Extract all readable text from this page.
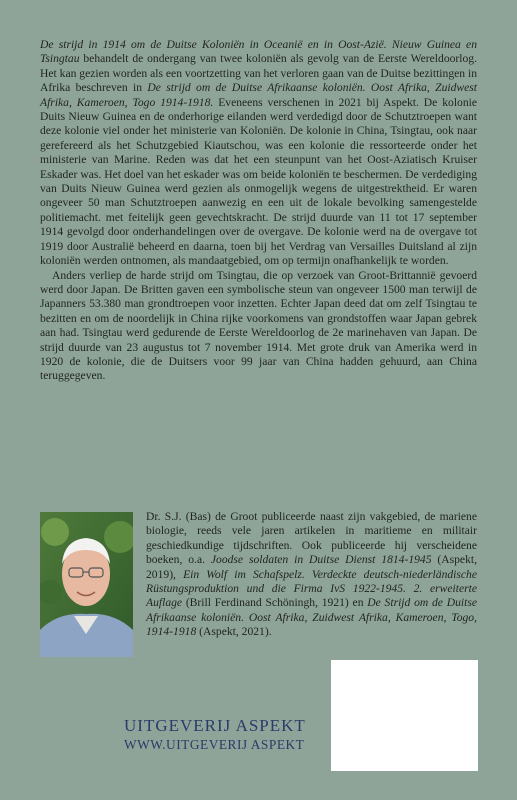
De strijd in 1914 om de Duitse Koloniën in Oceanië en in Oost-Azië. Nieuw Guinea en Tsingtau behandelt de ondergang van twee koloniën als gevolg van de Eerste Wereldoorlog. Het kan gezien worden als een voortzetting van het verloren gaan van de Duitse bezittingen in Afrika beschreven in De strijd om de Duitse Afrikaanse koloniën. Oost Afrika, Zuidwest Afrika, Kameroen, Togo 1914-1918. Eveneens verschenen in 2021 bij Aspekt. De kolonie Duits Nieuw Guinea en de onderhorige eilanden werd verdedigd door de Schutztroepen want deze kolonie viel onder het ministerie van Koloniën. De kolonie in China, Tsingtau, ook naar gerefereerd als het Schutzgebied Kiautschou, was een kolonie die ressorteerde onder het ministerie van Marine. Reden was dat het een steunpunt van het Oost-Aziatisch Kruiser Eskader was. Het doel van het eskader was om beide koloniën te beschermen. De verdediging van Duits Nieuw Guinea werd gezien als onmogelijk wegens de uitgestrektheid. Er waren ongeveer 50 man Schutztroepen aanwezig en een uit de lokale bevolking samengestelde politiemacht. met feitelijk geen gevechtskracht. De strijd duurde van 11 tot 17 september 1914 gevolgd door onderhandelingen over de overgave. De kolonie werd na de overgave tot 1919 door Australië beheerd en daarna, toen bij het Verdrag van Versailles Duitsland al zijn koloniën werden ontnomen, als mandaatgebied, om op termijn onafhankelijk te worden.

Anders verliep de harde strijd om Tsingtau, die op verzoek van Groot-Brittannië gevoerd werd door Japan. De Britten gaven een symbolische steun van ongeveer 1500 man terwijl de Japanners 53.380 man grondtroepen voor inzetten. Echter Japan deed dat om zelf Tsingtau te bezitten en om de noordelijk in China rijke voorkomens van grondstoffen waar Japan gebrek aan had. Tsingtau werd gedurende de Eerste Wereldoorlog de 2e marinehaven van Japan. De strijd duurde van 23 augustus tot 7 november 1914. Met grote druk van Amerika werd in 1920 de kolonie, die de Duitsers voor 99 jaar van China hadden gehuurd, aan China teruggegeven.

Dr. S.J. (Bas) de Groot publiceerde naast zijn vakgebied, de mariene biologie, reeds vele jaren artikelen in maritieme en militair geschiedkundige tijdschriften. Ook publiceerde hij verscheidene boeken, o.a. Joodse soldaten in Duitse Dienst 1814-1945 (Aspekt, 2019), Ein Wolf im Schafspelz. Verdeckte deutsch-niederländische Rüstungsproduktion und die Firma IvS 1922-1945. 2. erweiterte Auflage (Brill Ferdinand Schöningh, 1921) en De Strijd om de Duitse Afrikaanse koloniën. Oost Afrika, Zuidwest Afrika, Kameroen, Togo, 1914-1918 (Aspekt, 2021).

UITGEVERIJ ASPEKT
WWW.UITGEVERIJ ASPEKT
